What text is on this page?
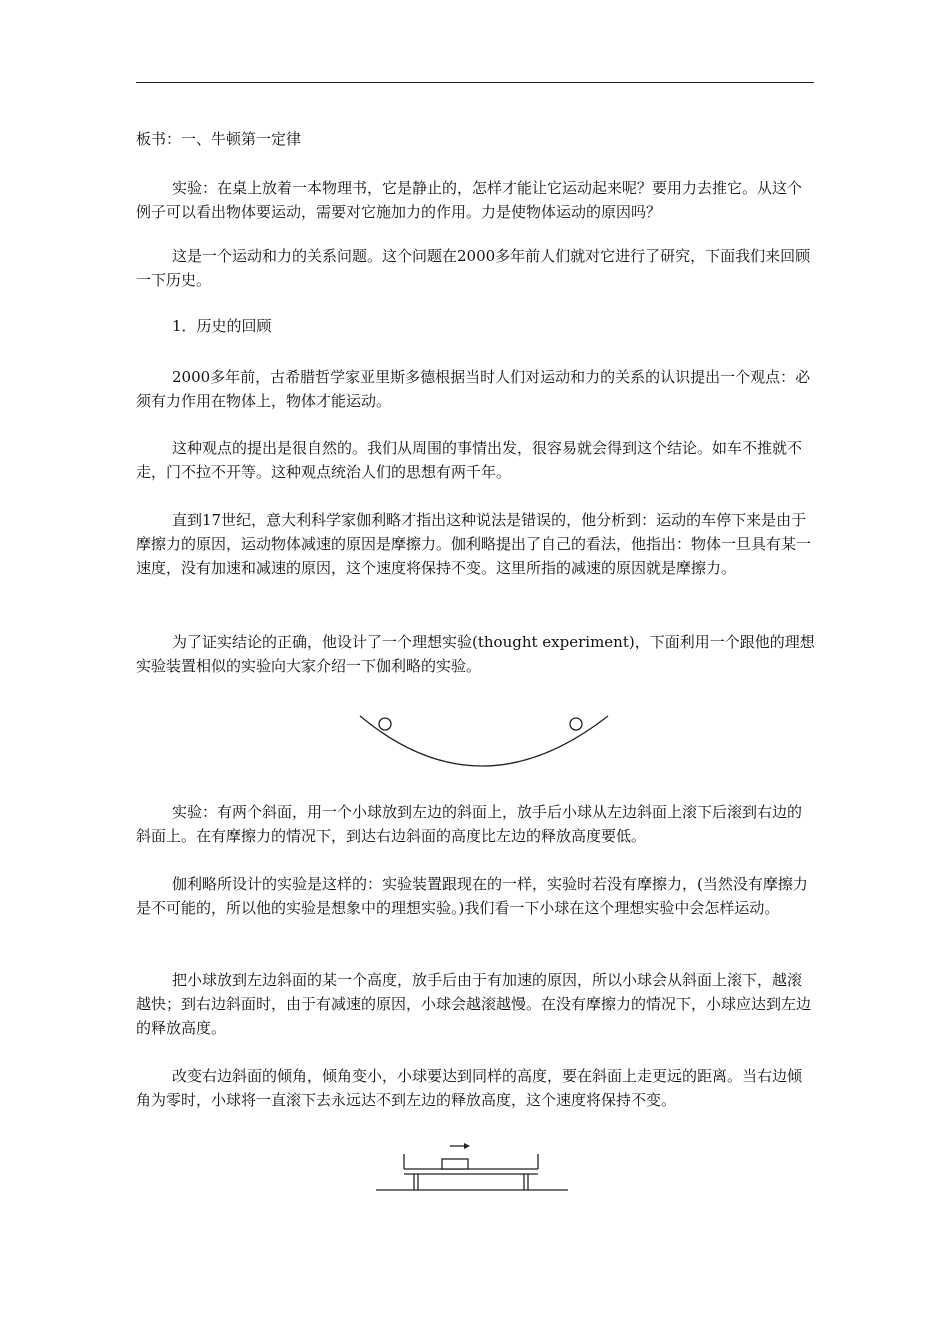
板书：一、牛顿第一定律

实验：在桌上放着一本物理书，它是静止的，怎样才能让它运动起来呢？要用力去推它。从这个例子可以看出物体要运动，需要对它施加力的作用。力是使物体运动的原因吗？

这是一个运动和力的关系问题。这个问题在2000多年前人们就对它进行了研究，下面我们来回顾一下历史。

1．历史的回顾

2000多年前，古希腊哲学家亚里斯多德根据当时人们对运动和力的关系的认识提出一个观点：必须有力作用在物体上，物体才能运动。

这种观点的提出是很自然的。我们从周围的事情出发，很容易就会得到这个结论。如车不推就不走，门不拉不开等。这种观点统治人们的思想有两千年。

直到17世纪，意大利科学家伽利略才指出这种说法是错误的，他分析到：运动的车停下来是由于摩擦力的原因，运动物体减速的原因是摩擦力。伽利略提出了自己的看法，他指出：物体一旦具有某一速度，没有加速和减速的原因，这个速度将保持不变。这里所指的减速的原因就是摩擦力。

为了证实结论的正确，他设计了一个理想实验(thought experiment)，下面利用一个跟他的理想实验装置相似的实验向大家介绍一下伽利略的实验。

实验：有两个斜面，用一个小球放到左边的斜面上，放手后小球从左边斜面上滚下后滚到右边的斜面上。在有摩擦力的情况下，到达右边斜面的高度比左边的释放高度要低。

伽利略所设计的实验是这样的：实验装置跟现在的一样，实验时若没有摩擦力，(当然没有摩擦力是不可能的，所以他的实验是想象中的理想实验。)我们看一下小球在这个理想实验中会怎样运动。

把小球放到左边斜面的某一个高度，放手后由于有加速的原因，所以小球会从斜面上滚下，越滚越快；到右边斜面时，由于有减速的原因，小球会越滚越慢。在没有摩擦力的情况下，小球应达到左边的释放高度。

改变右边斜面的倾角，倾角变小，小球要达到同样的高度，要在斜面上走更远的距离。当右边倾角为零时，小球将一直滚下去永远达不到左边的释放高度，这个速度将保持不变。
